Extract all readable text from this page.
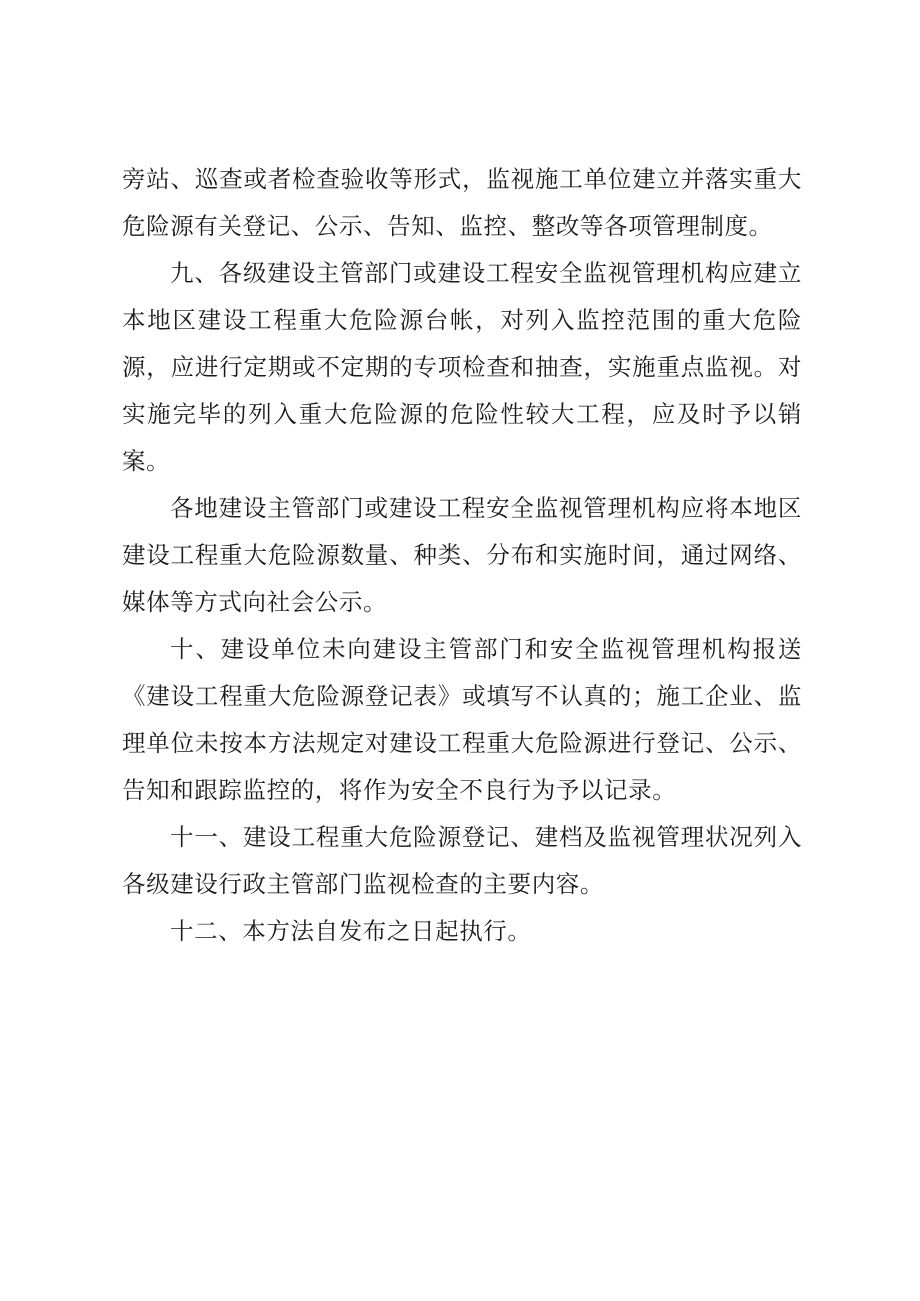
旁站、巡查或者检查验收等形式，监视施工单位建立并落实重大危险源有关登记、公示、告知、监控、整改等各项管理制度。

九、各级建设主管部门或建设工程安全监视管理机构应建立本地区建设工程重大危险源台帐，对列入监控范围的重大危险源，应进行定期或不定期的专项检查和抽查，实施重点监视。对实施完毕的列入重大危险源的危险性较大工程，应及时予以销案。

各地建设主管部门或建设工程安全监视管理机构应将本地区建设工程重大危险源数量、种类、分布和实施时间，通过网络、媒体等方式向社会公示。

十、建设单位未向建设主管部门和安全监视管理机构报送《建设工程重大危险源登记表》或填写不认真的；施工企业、监理单位未按本方法规定对建设工程重大危险源进行登记、公示、告知和跟踪监控的，将作为安全不良行为予以记录。

十一、建设工程重大危险源登记、建档及监视管理状况列入各级建设行政主管部门监视检查的主要内容。

十二、本方法自发布之日起执行。
